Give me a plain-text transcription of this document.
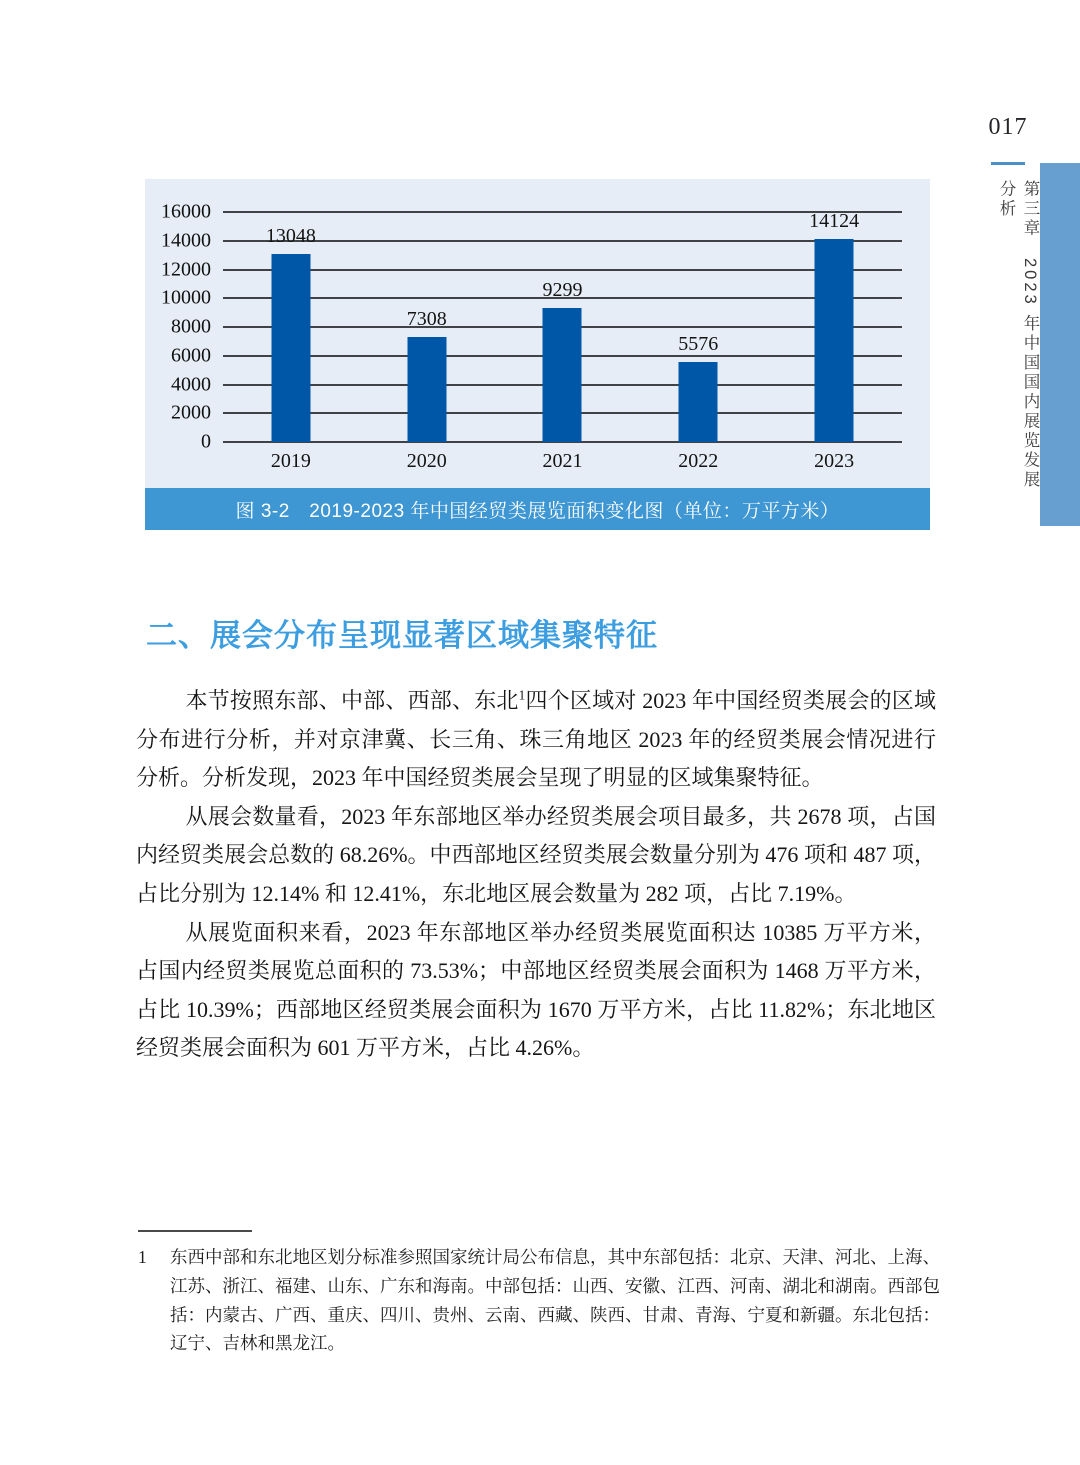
017
第三章　2023 年中国国内展览发展分析
13048
7308
9299
5576
14124
0
2000
4000
6000
8000
10000
12000
14000
16000
2019	2020	2021	2022	2023
图 3-2　2019-2023 年中国经贸类展览面积变化图（单位：万平方米）
二、展会分布呈现显著区域集聚特征

本节按照东部、中部、西部、东北$^1$四个区域对 2023 年中国经贸类展会的区域分布进行分析，并对京津冀、长三角、珠三角地区 2023 年的经贸类展会情况进行分析。分析发现，2023 年中国经贸类展会呈现了明显的区域集聚特征。

从展会数量看，2023 年东部地区举办经贸类展会项目最多，共 2678 项，占国内经贸类展会总数的 68.26%。中西部地区经贸类展会数量分别为 476 项和 487 项，占比分别为 12.14% 和 12.41%，东北地区展会数量为 282 项，占比 7.19%。

从展览面积来看，2023 年东部地区举办经贸类展览面积达 10385 万平方米，占国内经贸类展览总面积的 73.53%；中部地区经贸类展会面积为 1468 万平方米，占比 10.39%；西部地区经贸类展会面积为 1670 万平方米，占比 11.82%；东北地区经贸类展会面积为 601 万平方米，占比 4.26%。

1	东西中部和东北地区划分标准参照国家统计局公布信息，其中东部包括：北京、天津、河北、上海、江苏、浙江、福建、山东、广东和海南。中部包括：山西、安徽、江西、河南、湖北和湖南。西部包括：内蒙古、广西、重庆、四川、贵州、云南、西藏、陕西、甘肃、青海、宁夏和新疆。东北包括：辽宁、吉林和黑龙江。
